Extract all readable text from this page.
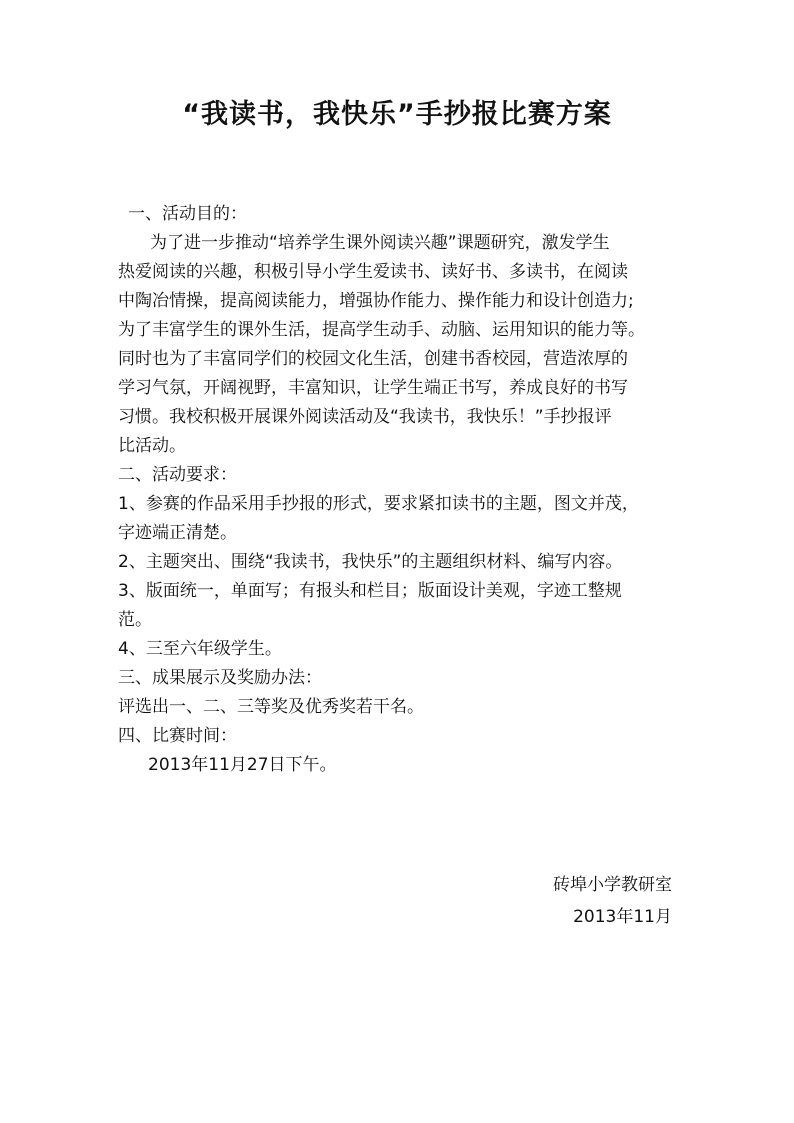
“我读书，我快乐”手抄报比赛方案
一、活动目的：
为了进一步推动“培养学生课外阅读兴趣”课题研究，激发学生
热爱阅读的兴趣，积极引导小学生爱读书、读好书、多读书，在阅读
中陶冶情操，提高阅读能力，增强协作能力、操作能力和设计创造力;
为了丰富学生的课外生活，提高学生动手、动脑、运用知识的能力等。
同时也为了丰富同学们的校园文化生活，创建书香校园，营造浓厚的
学习气氛，开阔视野，丰富知识，让学生端正书写，养成良好的书写
习惯。我校积极开展课外阅读活动及“我读书，我快乐！”手抄报评
比活动。
二、活动要求：
1、参赛的作品采用手抄报的形式，要求紧扣读书的主题，图文并茂，
字迹端正清楚。
2、主题突出、围绕“我读书，我快乐”的主题组织材料、编写内容。
3、版面统一，单面写；有报头和栏目；版面设计美观，字迹工整规
范。
4、三至六年级学生。
三、成果展示及奖励办法：
评选出一、二、三等奖及优秀奖若干名。
四、比赛时间：
2013年11月27日下午。
砖埠小学教研室
2013年11月
